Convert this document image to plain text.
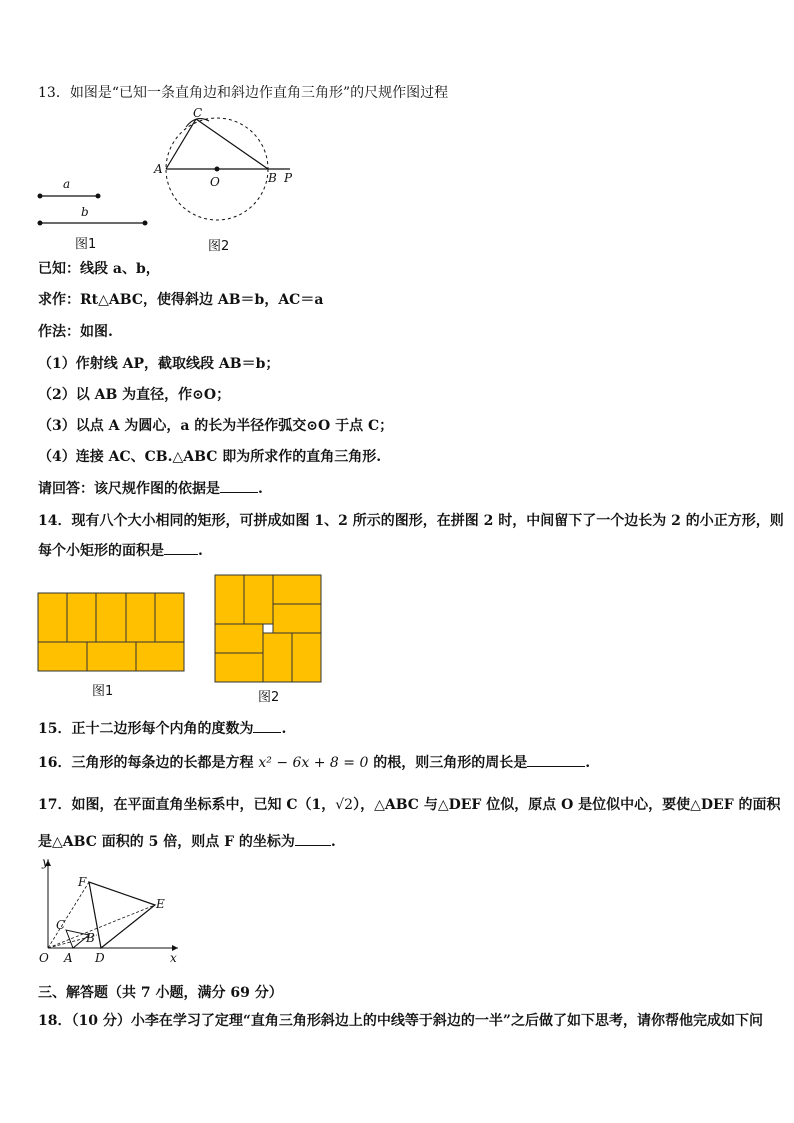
13．如图是“已知一条直角边和斜边作直角三角形”的尺规作图过程
a
b
C
A
O	B P
y
x
O A
B
C
D
E
F
图1	图2
已知：线段 a、b，
求作：Rt△ABC，使得斜边 AB＝b，AC＝a
作法：如图.
（1）作射线 AP，截取线段 AB＝b；
（2）以 AB 为直径，作⊙O；
（3）以点 A 为圆心，a 的长为半径作弧交⊙O 于点 C；
（4）连接 AC、CB.△ABC 即为所求作的直角三角形.
请回答：该尺规作图的依据是	.
14．现有八个大小相同的矩形，可拼成如图 1、2 所示的图形，在拼图 2 时，中间留下了一个边长为 2 的小正方形，则
每个小矩形的面积是 .
图1	图2
15．正十二边形每个内角的度数为 .
16．三角形的每条边的长都是方程 x² − 6x + 8 = 0 的根，则三角形的周长是	.
17．如图，在平面直角坐标系中，已知 C（1，√2），△ABC 与△DEF 位似，原点 O 是位似中心，要使△DEF 的面积
是△ABC 面积的 5 倍，则点 F 的坐标为	.
三、解答题（共 7 小题，满分 69 分）
18．（10 分）小李在学习了定理“直角三角形斜边上的中线等于斜边的一半”之后做了如下思考，请你帮他完成如下问
